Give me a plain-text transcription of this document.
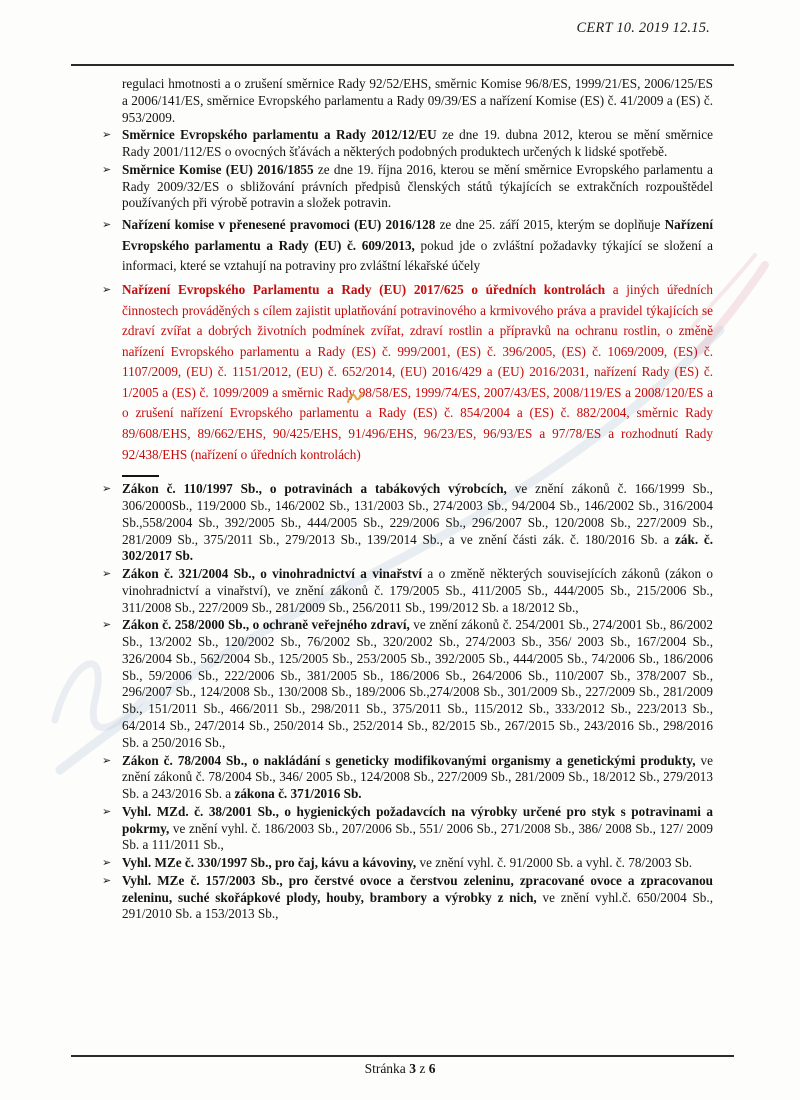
CERT 10. 2019 12.15.
regulaci hmotnosti a o zrušení směrnice Rady 92/52/EHS, směrnic Komise 96/8/ES, 1999/21/ES, 2006/125/ES a 2006/141/ES, směrnice Evropského parlamentu a Rady 09/39/ES a nařízení Komise (ES) č. 41/2009 a (ES) č. 953/2009.
➢ Směrnice Evropského parlamentu a Rady 2012/12/EU ze dne 19. dubna 2012, kterou se mění směrnice Rady 2001/112/ES o ovocných šťávách a některých podobných produktech určených k lidské spotřebě.
➢ Směrnice Komise (EU) 2016/1855 ze dne 19. října 2016, kterou se mění směrnice Evropského parlamentu a Rady 2009/32/ES o sbližování právních předpisů členských států týkajících se extrakčních rozpouštědel používaných při výrobě potravin a složek potravin.
➢ Nařízení komise v přenesené pravomoci (EU) 2016/128 ze dne 25. září 2015, kterým se doplňuje Nařízení Evropského parlamentu a Rady (EU) č. 609/2013, pokud jde o zvláštní požadavky týkající se složení a informaci, které se vztahují na potraviny pro zvláštní lékařské účely
➢ Nařízení Evropského Parlamentu a Rady (EU) 2017/625 o úředních kontrolách a jiných úředních činnostech prováděných s cílem zajistit uplatňování potravinového a krmivového práva a pravidel týkajících se zdraví zvířat a dobrých životních podmínek zvířat, zdraví rostlin a přípravků na ochranu rostlin, o změně nařízení Evropského parlamentu a Rady (ES) č. 999/2001, (ES) č. 396/2005, (ES) č. 1069/2009, (ES) č. 1107/2009, (EU) č. 1151/2012, (EU) č. 652/2014, (EU) 2016/429 a (EU) 2016/2031, nařízení Rady (ES) č. 1/2005 a (ES) č. 1099/2009 a směrnic Rady 98/58/ES, 1999/74/ES, 2007/43/ES, 2008/119/ES a 2008/120/ES a o zrušení nařízení Evropského parlamentu a Rady (ES) č. 854/2004 a (ES) č. 882/2004, směrnic Rady 89/608/EHS, 89/662/EHS, 90/425/EHS, 91/496/EHS, 96/23/ES, 96/93/ES a 97/78/ES a rozhodnutí Rady 92/438/EHS (nařízení o úředních kontrolách)
➢ Zákon č. 110/1997 Sb., o potravinách a tabákových výrobcích, ve znění zákonů č. 166/1999 Sb., 306/2000Sb., 119/2000 Sb., 146/2002 Sb., 131/2003 Sb., 274/2003 Sb., 94/2004 Sb., 146/2002 Sb., 316/2004 Sb.,558/2004 Sb., 392/2005 Sb., 444/2005 Sb., 229/2006 Sb., 296/2007 Sb., 120/2008 Sb., 227/2009 Sb., 281/2009 Sb., 375/2011 Sb., 279/2013 Sb., 139/2014 Sb., a ve znění části zák. č. 180/2016 Sb. a zák. č. 302/2017 Sb.
➢ Zákon č. 321/2004 Sb., o vinohradnictví a vinařství a o změně některých souvisejících zákonů (zákon o vinohradnictví a vinařství), ve znění zákonů č. 179/2005 Sb., 411/2005 Sb., 444/2005 Sb., 215/2006 Sb., 311/2008 Sb., 227/2009 Sb., 281/2009 Sb., 256/2011 Sb., 199/2012 Sb. a 18/2012 Sb.,
➢ Zákon č. 258/2000 Sb., o ochraně veřejného zdraví, ve znění zákonů č. 254/2001 Sb., 274/2001 Sb., 86/2002 Sb., 13/2002 Sb., 120/2002 Sb., 76/2002 Sb., 320/2002 Sb., 274/2003 Sb., 356/ 2003 Sb., 167/2004 Sb., 326/2004 Sb., 562/2004 Sb., 125/2005 Sb., 253/2005 Sb., 392/2005 Sb., 444/2005 Sb., 74/2006 Sb., 186/2006 Sb., 59/2006 Sb., 222/2006 Sb., 381/2005 Sb., 186/2006 Sb., 264/2006 Sb., 110/2007 Sb., 378/2007 Sb., 296/2007 Sb., 124/2008 Sb., 130/2008 Sb., 189/2006 Sb.,274/2008 Sb., 301/2009 Sb., 227/2009 Sb., 281/2009 Sb., 151/2011 Sb., 466/2011 Sb., 298/2011 Sb., 375/2011 Sb., 115/2012 Sb., 333/2012 Sb., 223/2013 Sb., 64/2014 Sb., 247/2014 Sb., 250/2014 Sb., 252/2014 Sb., 82/2015 Sb., 267/2015 Sb., 243/2016 Sb., 298/2016 Sb. a 250/2016 Sb.,
➢ Zákon č. 78/2004 Sb., o nakládání s geneticky modifikovanými organismy a genetickými produkty, ve znění zákonů č. 78/2004 Sb., 346/ 2005 Sb., 124/2008 Sb., 227/2009 Sb., 281/2009 Sb., 18/2012 Sb., 279/2013 Sb. a 243/2016 Sb. a zákona č. 371/2016 Sb.
➢ Vyhl. MZd. č. 38/2001 Sb., o hygienických požadavcích na výrobky určené pro styk s potravinami a pokrmy, ve znění vyhl. č. 186/2003 Sb., 207/2006 Sb., 551/ 2006 Sb., 271/2008 Sb., 386/ 2008 Sb., 127/ 2009 Sb. a 111/2011 Sb.,
➢ Vyhl. MZe č. 330/1997 Sb., pro čaj, kávu a kávoviny, ve znění vyhl. č. 91/2000 Sb. a vyhl. č. 78/2003 Sb.
➢ Vyhl. MZe č. 157/2003 Sb., pro čerstvé ovoce a čerstvou zeleninu, zpracované ovoce a zpracovanou zeleninu, suché skořápkové plody, houby, brambory a výrobky z nich, ve znění vyhl.č. 650/2004 Sb., 291/2010 Sb. a 153/2013 Sb.,
Stránka 3 z 6
